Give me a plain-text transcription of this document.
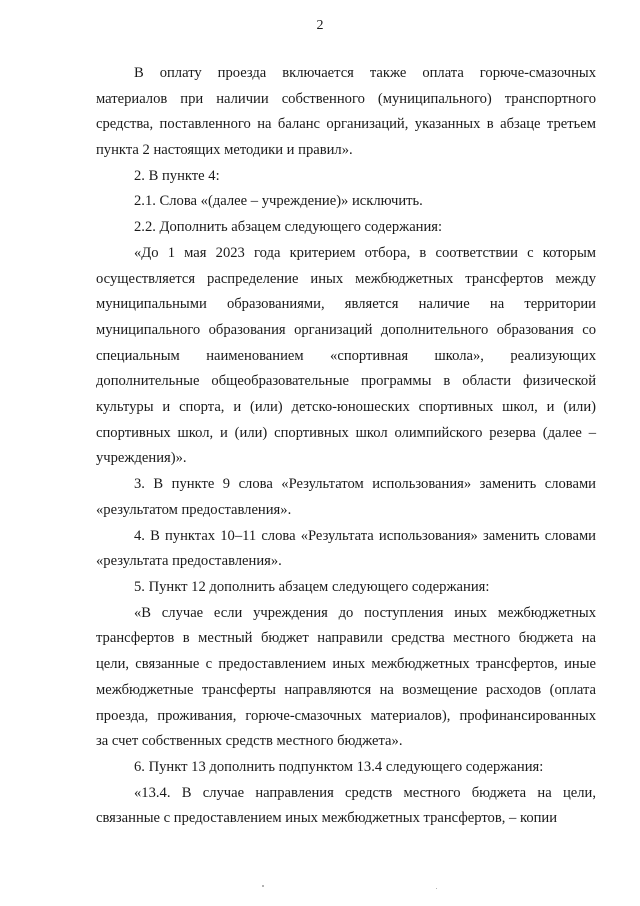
2
В оплату проезда включается также оплата горюче-смазочных
материалов при наличии собственного (муниципального) транспортного
средства, поставленного на баланс организаций, указанных в абзаце третьем
пункта 2 настоящих методики и правил».
2. В пункте 4:
2.1. Слова «(далее – учреждение)» исключить.
2.2. Дополнить абзацем следующего содержания:
«До 1 мая 2023 года критерием отбора, в соответствии с которым
осуществляется распределение иных межбюджетных трансфертов между
муниципальными образованиями, является наличие на территории
муниципального образования организаций дополнительного образования со
специальным наименованием «спортивная школа», реализующих
дополнительные общеобразовательные программы в области физической
культуры и спорта, и (или) детско-юношеских спортивных школ, и (или)
спортивных школ, и (или) спортивных школ олимпийского резерва (далее –
учреждения)».
3. В пункте 9 слова «Результатом использования» заменить словами
«результатом предоставления».
4. В пунктах 10–11 слова «Результата использования» заменить словами
«результата предоставления».
5. Пункт 12 дополнить абзацем следующего содержания:
«В случае если учреждения до поступления иных межбюджетных
трансфертов в местный бюджет направили средства местного бюджета на
цели, связанные с предоставлением иных межбюджетных трансфертов, иные
межбюджетные трансферты направляются на возмещение расходов (оплата
проезда, проживания, горюче-смазочных материалов), профинансированных
за счет собственных средств местного бюджета».
6. Пункт 13 дополнить подпунктом 13.4 следующего содержания:
«13.4. В случае направления средств местного бюджета на цели,
связанные с предоставлением иных межбюджетных трансфертов, – копии
